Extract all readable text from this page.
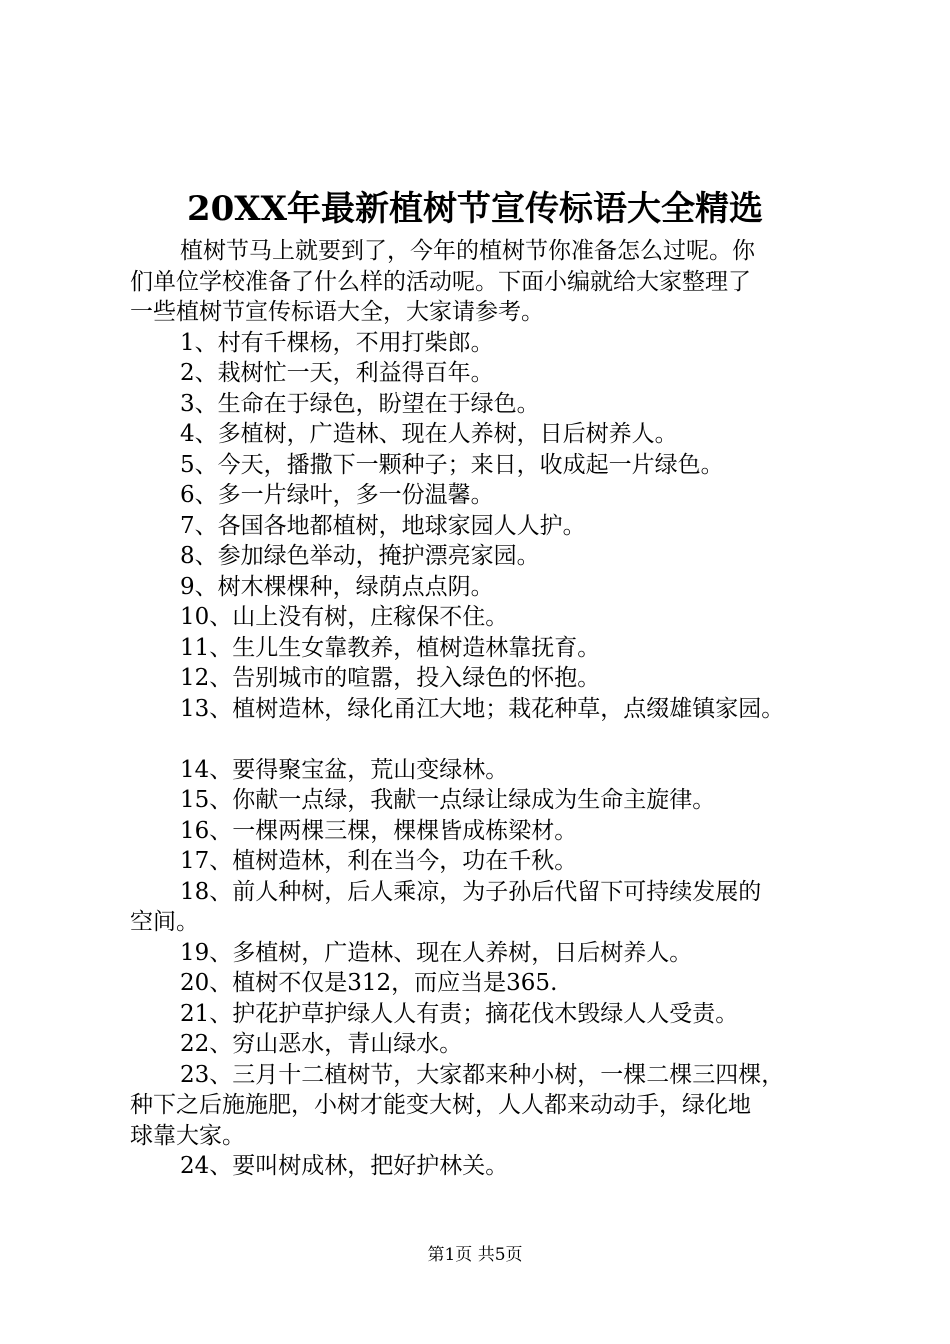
20XX年最新植树节宣传标语大全精选
植树节马上就要到了，今年的植树节你准备怎么过呢。你
们单位学校准备了什么样的活动呢。下面小编就给大家整理了
一些植树节宣传标语大全，大家请参考。
1、村有千棵杨，不用打柴郎。
2、栽树忙一天，利益得百年。
3、生命在于绿色，盼望在于绿色。
4、多植树，广造林、现在人养树，日后树养人。
5、今天，播撒下一颗种子；来日，收成起一片绿色。
6、多一片绿叶，多一份温馨。
7、各国各地都植树，地球家园人人护。
8、参加绿色举动，掩护漂亮家园。
9、树木棵棵种，绿荫点点阴。
10、山上没有树，庄稼保不住。
11、生儿生女靠教养，植树造林靠抚育。
12、告别城市的喧嚣，投入绿色的怀抱。
13、植树造林，绿化甬江大地；栽花种草，点缀雄镇家园。
14、要得聚宝盆，荒山变绿林。
15、你献一点绿，我献一点绿让绿成为生命主旋律。
16、一棵两棵三棵，棵棵皆成栋梁材。
17、植树造林，利在当今，功在千秋。
18、前人种树，后人乘凉，为子孙后代留下可持续发展的
空间。
19、多植树，广造林、现在人养树，日后树养人。
20、植树不仅是312，而应当是365.
21、护花护草护绿人人有责；摘花伐木毁绿人人受责。
22、穷山恶水，青山绿水。
23、三月十二植树节，大家都来种小树，一棵二棵三四棵，
种下之后施施肥，小树才能变大树，人人都来动动手，绿化地
球靠大家。
24、要叫树成林，把好护林关。
第1页 共5页
